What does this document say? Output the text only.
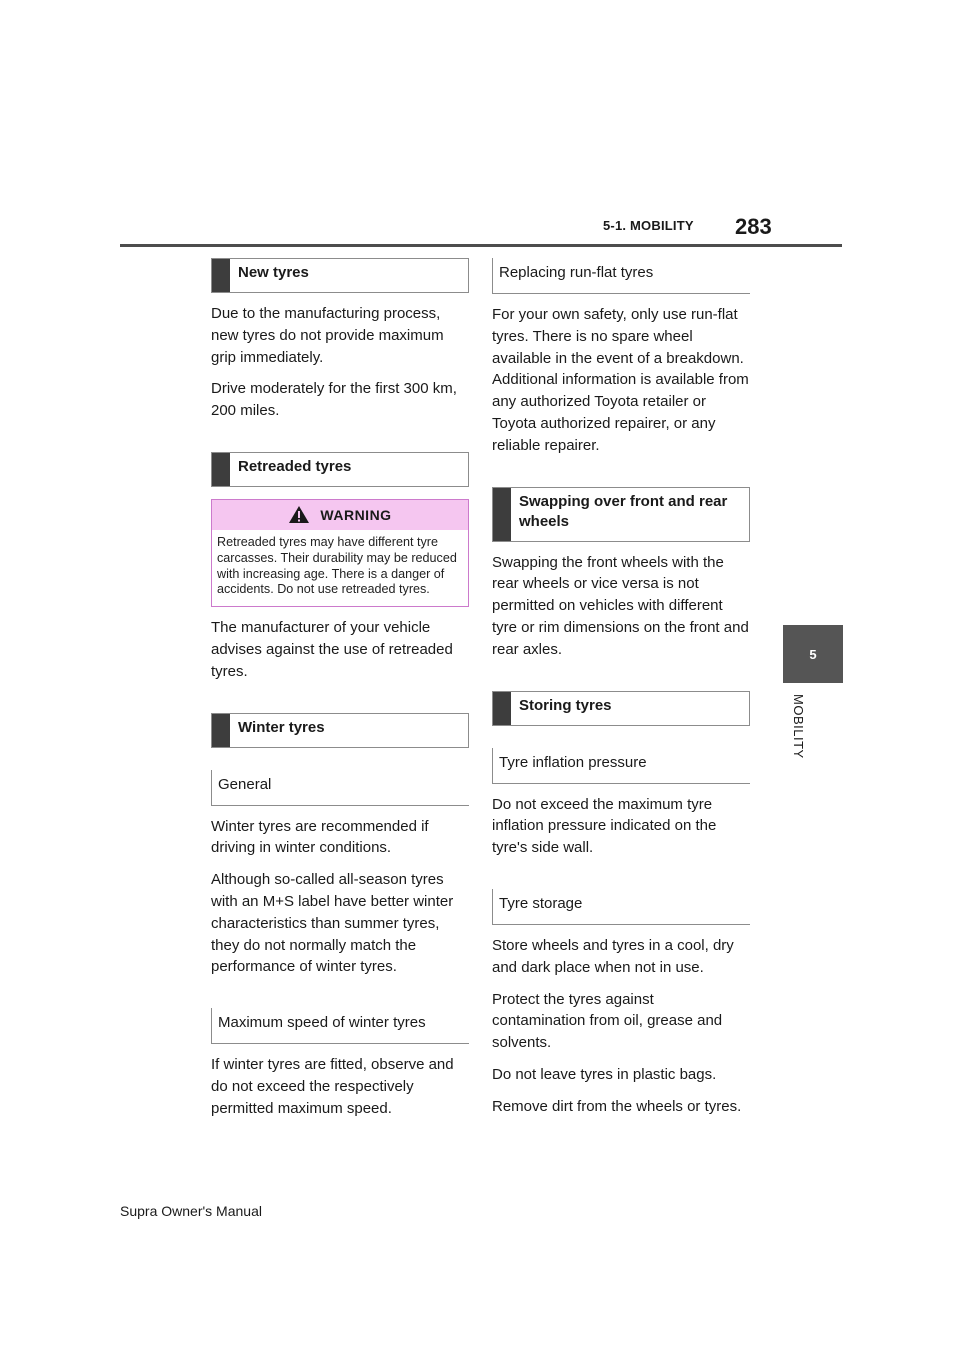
5-1. MOBILITY 283
5
MOBILITY
New tyres

Due to the manufacturing process, new tyres do not provide maximum grip immediately.

Drive moderately for the first 300 km, 200 miles.

Retreaded tyres
WARNING
Retreaded tyres may have different tyre carcasses. Their durability may be reduced with increasing age. There is a danger of accidents. Do not use retreaded tyres.

The manufacturer of your vehicle advises against the use of retreaded tyres.

Winter tyres
General

Winter tyres are recommended if driving in winter conditions.

Although so-called all-season tyres with an M+S label have better winter characteristics than summer tyres, they do not normally match the performance of winter tyres.

Maximum speed of winter tyres

If winter tyres are fitted, observe and do not exceed the respectively permitted maximum speed.

Replacing run-flat tyres

For your own safety, only use run-flat tyres. There is no spare wheel available in the event of a breakdown. Additional information is available from any authorized Toyota retailer or Toyota authorized repairer, or any reliable repairer.

Swapping over front and rear wheels

Swapping the front wheels with the rear wheels or vice versa is not permitted on vehicles with different tyre or rim dimensions on the front and rear axles.

Storing tyres
Tyre inflation pressure

Do not exceed the maximum tyre inflation pressure indicated on the tyre's side wall.

Tyre storage

Store wheels and tyres in a cool, dry and dark place when not in use.

Protect the tyres against contamination from oil, grease and solvents.

Do not leave tyres in plastic bags.

Remove dirt from the wheels or tyres.

Supra Owner's Manual
